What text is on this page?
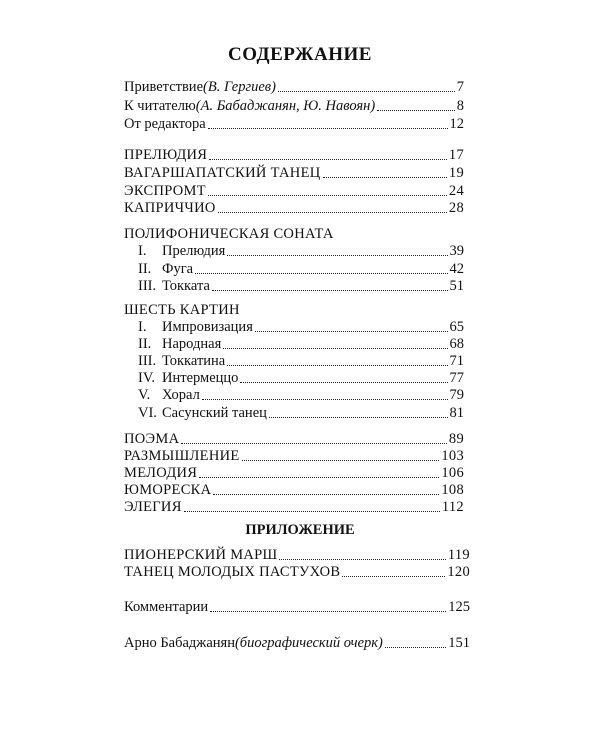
СОДЕРЖАНИЕ
Приветствие (В. Гергиев)	7
К читателю (А. Бабаджанян, Ю. Навоян)	8
От редактора	12
ПРЕЛЮДИЯ	17
ВАГАРШАПАТСКИЙ ТАНЕЦ	19
ЭКСПРОМТ	24
КАПРИЧЧИО	28
ПОЛИФОНИЧЕСКАЯ СОНАТА
I.	Прелюдия	39
II. Фуга	42
III. Токката	51
ШЕСТЬ КАРТИН
I.	Импровизация	65
II. Народная	68
III. Токкатина	71
IV. Интермеццо	77
V. Хорал	79
VI. Сасунский танец	81
ПОЭМА	89
РАЗМЫШЛЕНИЕ	103
МЕЛОДИЯ	106
ЮМОРЕСКА	108
ЭЛЕГИЯ	112
ПРИЛОЖЕНИЕ
ПИОНЕРСКИЙ МАРШ	119
ТАНЕЦ МОЛОДЫХ ПАСТУХОВ	120
Комментарии	125
Арно Бабаджанян (биографический очерк)	151
